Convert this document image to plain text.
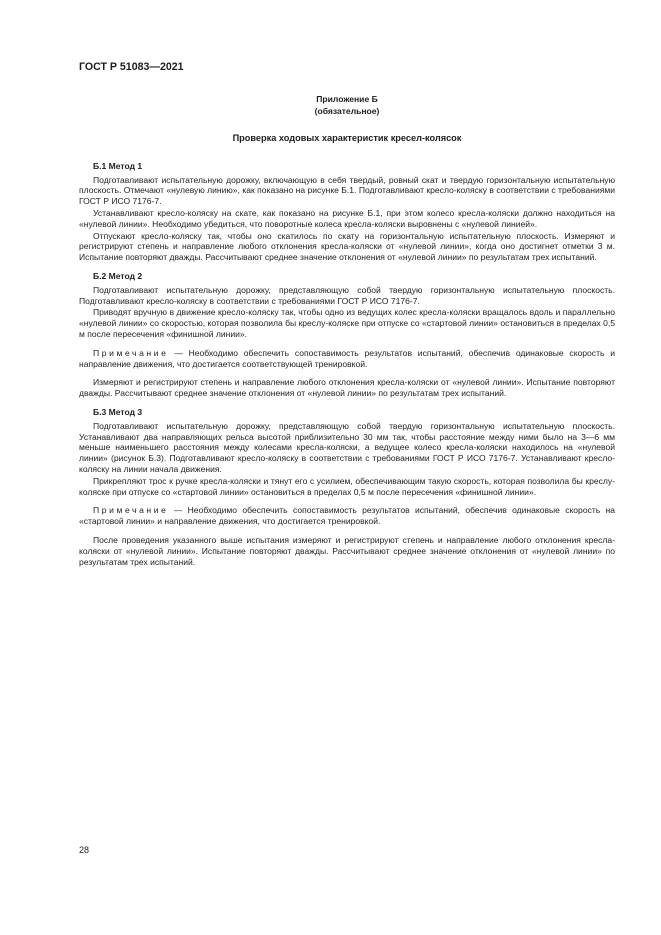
ГОСТ Р 51083—2021
Приложение Б
(обязательное)
Проверка ходовых характеристик кресел-колясок
Б.1 Метод 1

Подготавливают испытательную дорожку, включающую в себя твердый, ровный скат и твердую горизонтальную испытательную плоскость. Отмечают «нулевую линию», как показано на рисунке Б.1. Подготавливают кресло-коляску в соответствии с требованиями ГОСТ Р ИСО 7176-7.

Устанавливают кресло-коляску на скате, как показано на рисунке Б.1, при этом колесо кресла-коляски должно находиться на «нулевой линии». Необходимо убедиться, что поворотные колеса кресла-коляски выровнены с «нулевой линией».

Отпускают кресло-коляску так, чтобы оно скатилось по скату на горизонтальную испытательную плоскость. Измеряют и регистрируют степень и направление любого отклонения кресла-коляски от «нулевой линии», когда оно достигнет отметки 3 м. Испытание повторяют дважды. Рассчитывают среднее значение отклонения от «нулевой линии» по результатам трех испытаний.

Б.2 Метод 2

Подготавливают испытательную дорожку, представляющую собой твердую горизонтальную испытательную плоскость. Подготавливают кресло-коляску в соответствии с требованиями ГОСТ Р ИСО 7176-7.

Приводят вручную в движение кресло-коляску так, чтобы одно из ведущих колес кресла-коляски вращалось вдоль и параллельно «нулевой линии» со скоростью, которая позволила бы креслу-коляске при отпуске со «стартовой линии» остановиться в пределах 0,5 м после пересечения «финишной линии».

Примечание — Необходимо обеспечить сопоставимость результатов испытаний, обеспечив одинаковые скорость и направление движения, что достигается соответствующей тренировкой.

Измеряют и регистрируют степень и направление любого отклонения кресла-коляски от «нулевой линии». Испытание повторяют дважды. Рассчитывают среднее значение отклонения от «нулевой линии» по результатам трех испытаний.

Б.3 Метод 3

Подготавливают испытательную дорожку, представляющую собой твердую горизонтальную испытательную плоскость. Устанавливают два направляющих рельса высотой приблизительно 30 мм так, чтобы расстояние между ними было на 3—6 мм меньше наименьшего расстояния между колесами кресла-коляски, а ведущее колесо кресла-коляски находилось на «нулевой линии» (рисунок Б.3). Подготавливают кресло-коляску в соответствии с требованиями ГОСТ Р ИСО 7176-7. Устанавливают кресло-коляску на линии начала движения.

Прикрепляют трос к ручке кресла-коляски и тянут его с усилием, обеспечивающим такую скорость, которая позволила бы креслу-коляске при отпуске со «стартовой линии» остановиться в пределах 0,5 м после пересечения «финишной линии».

Примечание — Необходимо обеспечить сопоставимость результатов испытаний, обеспечив одинаковые скорость на «стартовой линии» и направление движения, что достигается тренировкой.

После проведения указанного выше испытания измеряют и регистрируют степень и направление любого отклонения кресла-коляски от «нулевой линии». Испытание повторяют дважды. Рассчитывают среднее значение отклонения от «нулевой линии» по результатам трех испытаний.

28
